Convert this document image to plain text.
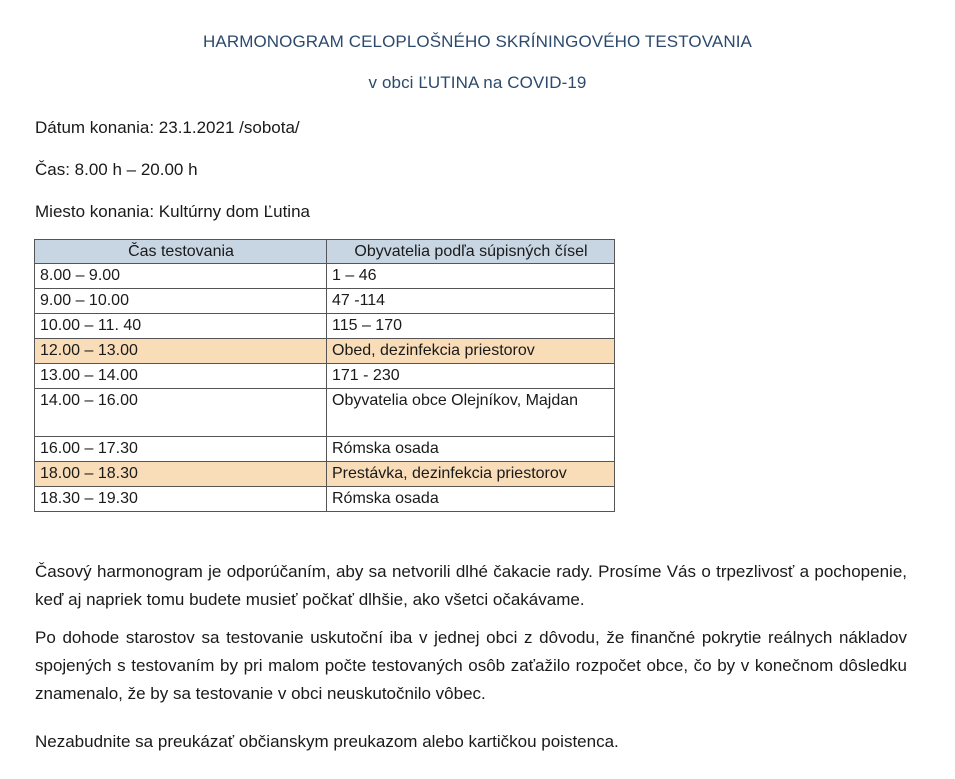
HARMONOGRAM CELOPLOŠNÉHO SKRÍNINGOVÉHO TESTOVANIA
v obci ĽUTINA na COVID-19
Dátum konania: 23.1.2021 /sobota/
Čas: 8.00 h – 20.00 h
Miesto konania: Kultúrny dom Ľutina
Čas testovania	Obyvatelia podľa súpisných čísel
8.00 – 9.00	1 – 46
9.00 – 10.00	47 -114
10.00 – 11. 40	115 – 170
12.00 – 13.00	Obed, dezinfekcia priestorov
13.00 – 14.00	171 - 230
14.00 – 16.00	Obyvatelia obce Olejníkov, Majdan
16.00 – 17.30	Rómska osada
18.00 – 18.30	Prestávka, dezinfekcia priestorov
18.30 – 19.30	Rómska osada
Časový harmonogram je odporúčaním, aby sa netvorili dlhé čakacie rady. Prosíme Vás o trpezlivosť a pochopenie, keď aj napriek tomu budete musieť počkať dlhšie, ako všetci očakávame.
Po dohode starostov sa testovanie uskutoční iba v jednej obci z dôvodu, že finančné pokrytie reálnych nákladov spojených s testovaním by pri malom počte testovaných osôb zaťažilo rozpočet obce, čo by v konečnom dôsledku znamenalo, že by sa testovanie v obci neuskutočnilo vôbec.
Nezabudnite sa preukázať občianskym preukazom alebo kartičkou poistenca.
